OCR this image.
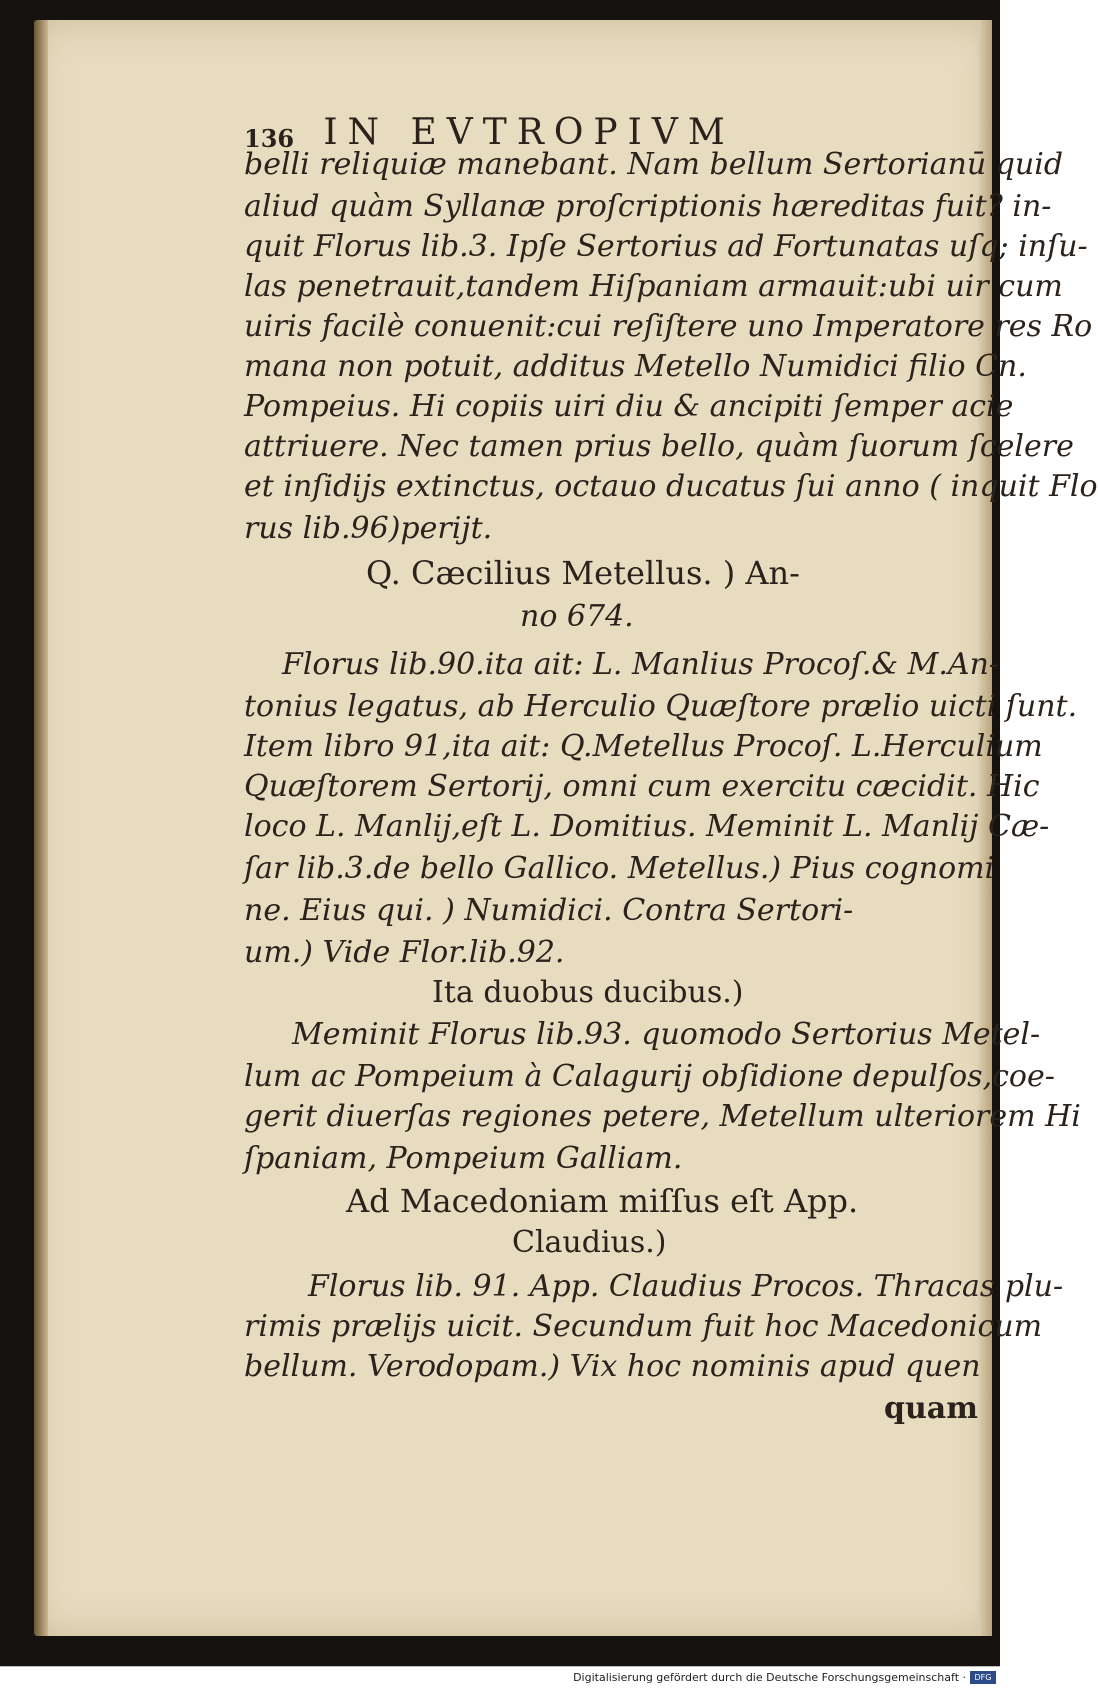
136 IN EVTROPIVM
belli reliquiæ manebant. Nam bellum Sertorianū quid
aliud quàm Syllanæ proſcriptionis hæreditas fuit? in-
quit Florus lib.3. Ipſe Sertorius ad Fortunatas uſq; inſu-
las penetrauit,tandem Hiſpaniam armauit:ubi uir cum
uiris facilè conuenit:cui reſiſtere uno Imperatore res Ro
mana non potuit, additus Metello Numidici filio Cn.
Pompeius. Hi copiis uiri diu & ancipiti ſemper acie
attriuere. Nec tamen prius bello, quàm ſuorum ſcelere
et inſidijs extinctus, octauo ducatus ſui anno ( inquit Flo
rus lib.96)perijt.
Q. Cæcilius Metellus. ) An-
no 674.
Florus lib.90.ita ait: L. Manlius Procoſ.& M.An-
tonius legatus, ab Herculio Quæſtore prælio uicti ſunt.
Item libro 91,ita ait: Q.Metellus Procoſ. L.Herculium
Quæſtorem Sertorij, omni cum exercitu cæcidit. Hic
loco L. Manlij,eſt L. Domitius. Meminit L. Manlij Cæ-
ſar lib.3.de bello Gallico. Metellus.) Pius cognomi
ne. Eius qui. ) Numidici. Contra Sertori-
um.) Vide Flor.lib.92.
Ita duobus ducibus.)
Meminit Florus lib.93. quomodo Sertorius Metel-
lum ac Pompeium à Calagurij obſidione depulſos,coe-
gerit diuerſas regiones petere, Metellum ulteriorem Hi
ſpaniam, Pompeium Galliam.
Ad Macedoniam miſſus eſt App.
Claudius.)
Florus lib. 91. App. Claudius Procos. Thracas plu-
rimis prælijs uicit. Secundum fuit hoc Macedonicum
bellum. Verodopam.) Vix hoc nominis apud quen
quam
Digitalisierung gefördert durch die Deutsche Forschungsgemeinschaft ·	DFG
